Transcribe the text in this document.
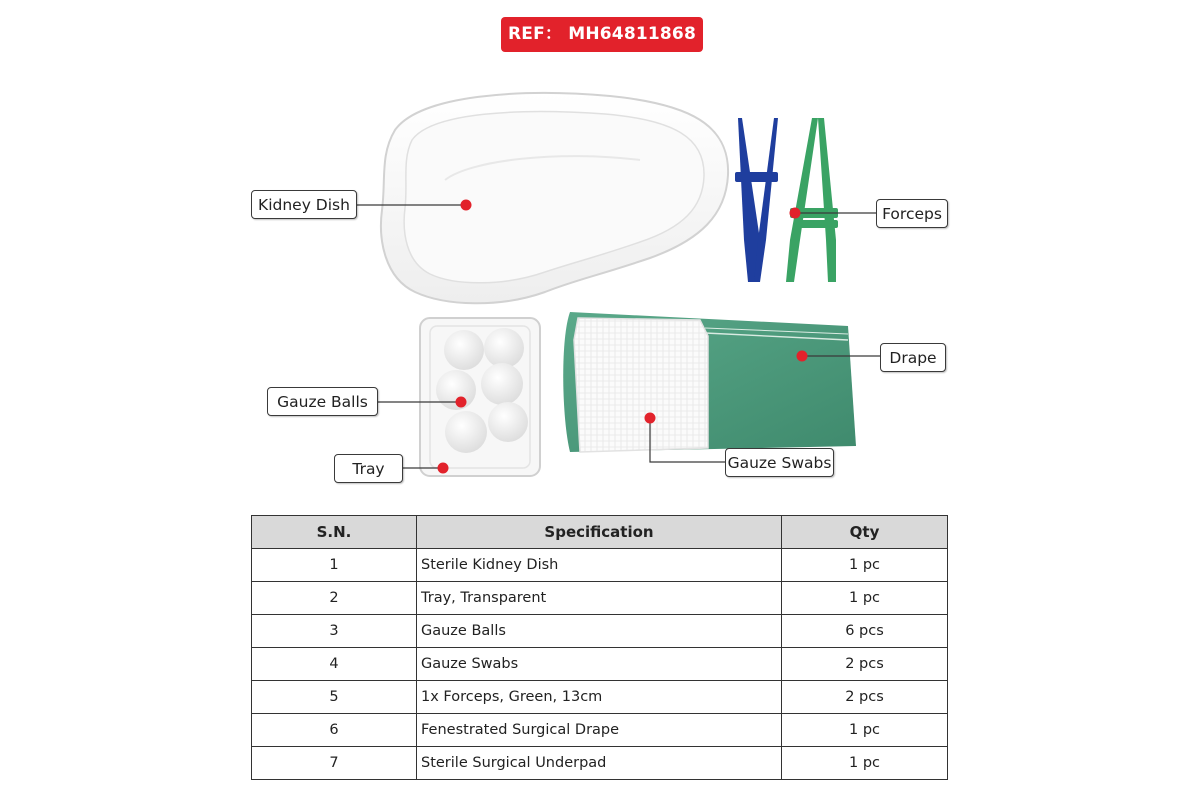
REF： MH64811868
Kidney Dish	Forceps
Drape
Gauze Balls
Tray	Gauze Swabs
S.N.	Specification	Qty
1	Sterile Kidney Dish	1 pc
2	Tray, Transparent	1 pc
3	Gauze Balls	6 pcs
4	Gauze Swabs	2 pcs
5	1x Forceps, Green, 13cm	2 pcs
6	Fenestrated Surgical Drape	1 pc
7	Sterile Surgical Underpad	1 pc
